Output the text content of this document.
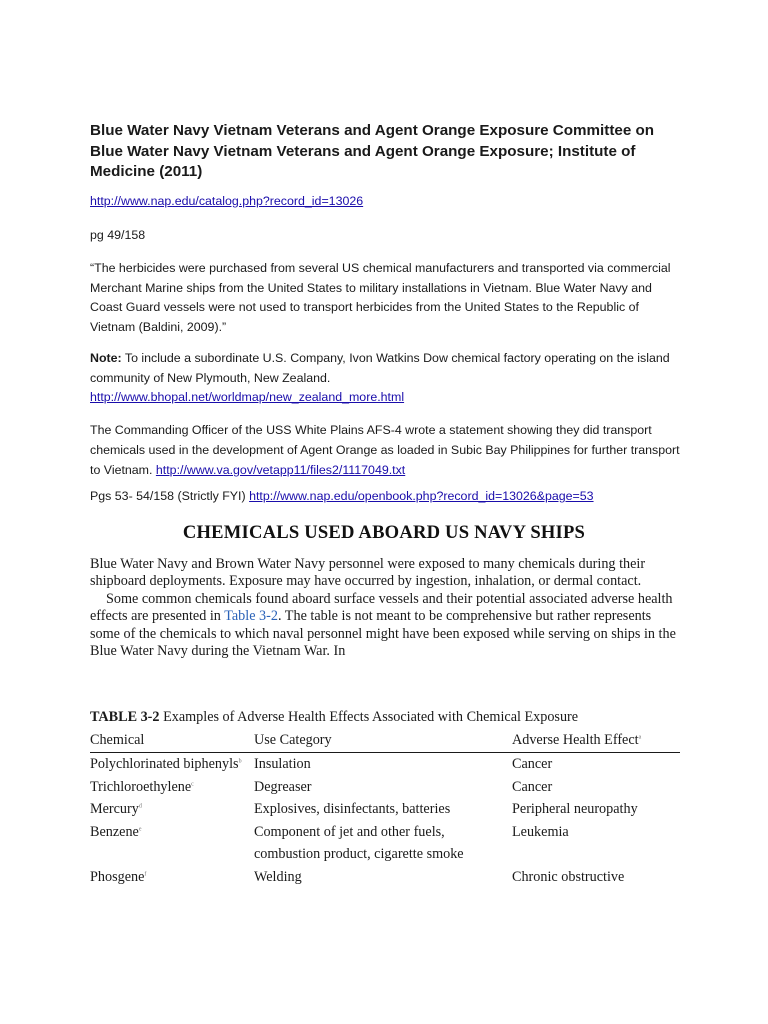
Blue Water Navy Vietnam Veterans and Agent Orange Exposure Committee on Blue Water Navy Vietnam Veterans and Agent Orange Exposure; Institute of Medicine (2011)
http://www.nap.edu/catalog.php?record_id=13026
pg 49/158
“The herbicides were purchased from several US chemical manufacturers and transported via commercial Merchant Marine ships from the United States to military installations in Vietnam. Blue Water Navy and Coast Guard vessels were not used to transport herbicides from the United States to the Republic of Vietnam (Baldini, 2009).”
Note: To include a subordinate U.S. Company, Ivon Watkins Dow chemical factory operating on the island community of New Plymouth, New Zealand.
http://www.bhopal.net/worldmap/new_zealand_more.html
The Commanding Officer of the USS White Plains AFS-4 wrote a statement showing they did transport chemicals used in the development of Agent Orange as loaded in Subic Bay Philippines for further transport to Vietnam. http://www.va.gov/vetapp11/files2/1117049.txt
Pgs 53- 54/158 (Strictly FYI) http://www.nap.edu/openbook.php?record_id=13026&page=53
CHEMICALS USED ABOARD US NAVY SHIPS

Blue Water Navy and Brown Water Navy personnel were exposed to many chemicals during their shipboard deployments. Exposure may have occurred by ingestion, inhalation, or dermal contact.

Some common chemicals found aboard surface vessels and their potential associated adverse health effects are presented in Table 3-2. The table is not meant to be comprehensive but rather represents some of the chemicals to which naval personnel might have been exposed while serving on ships in the Blue Water Navy during the Vietnam War. In

TABLE 3-2 Examples of Adverse Health Effects Associated with Chemical Exposure
Chemical	Use Category	Adverse Health Effect$^a$
Polychlorinated biphenyls$^b$	Insulation	Cancer
Trichloroethylene$^c$	Degreaser	Cancer
Mercury$^d$	Explosives, disinfectants, batteries	Peripheral neuropathy
Benzene$^e$	Component of jet and other fuels, combustion product, cigarette smoke	Leukemia
Phosgene$^f$	Welding	Chronic obstructive
